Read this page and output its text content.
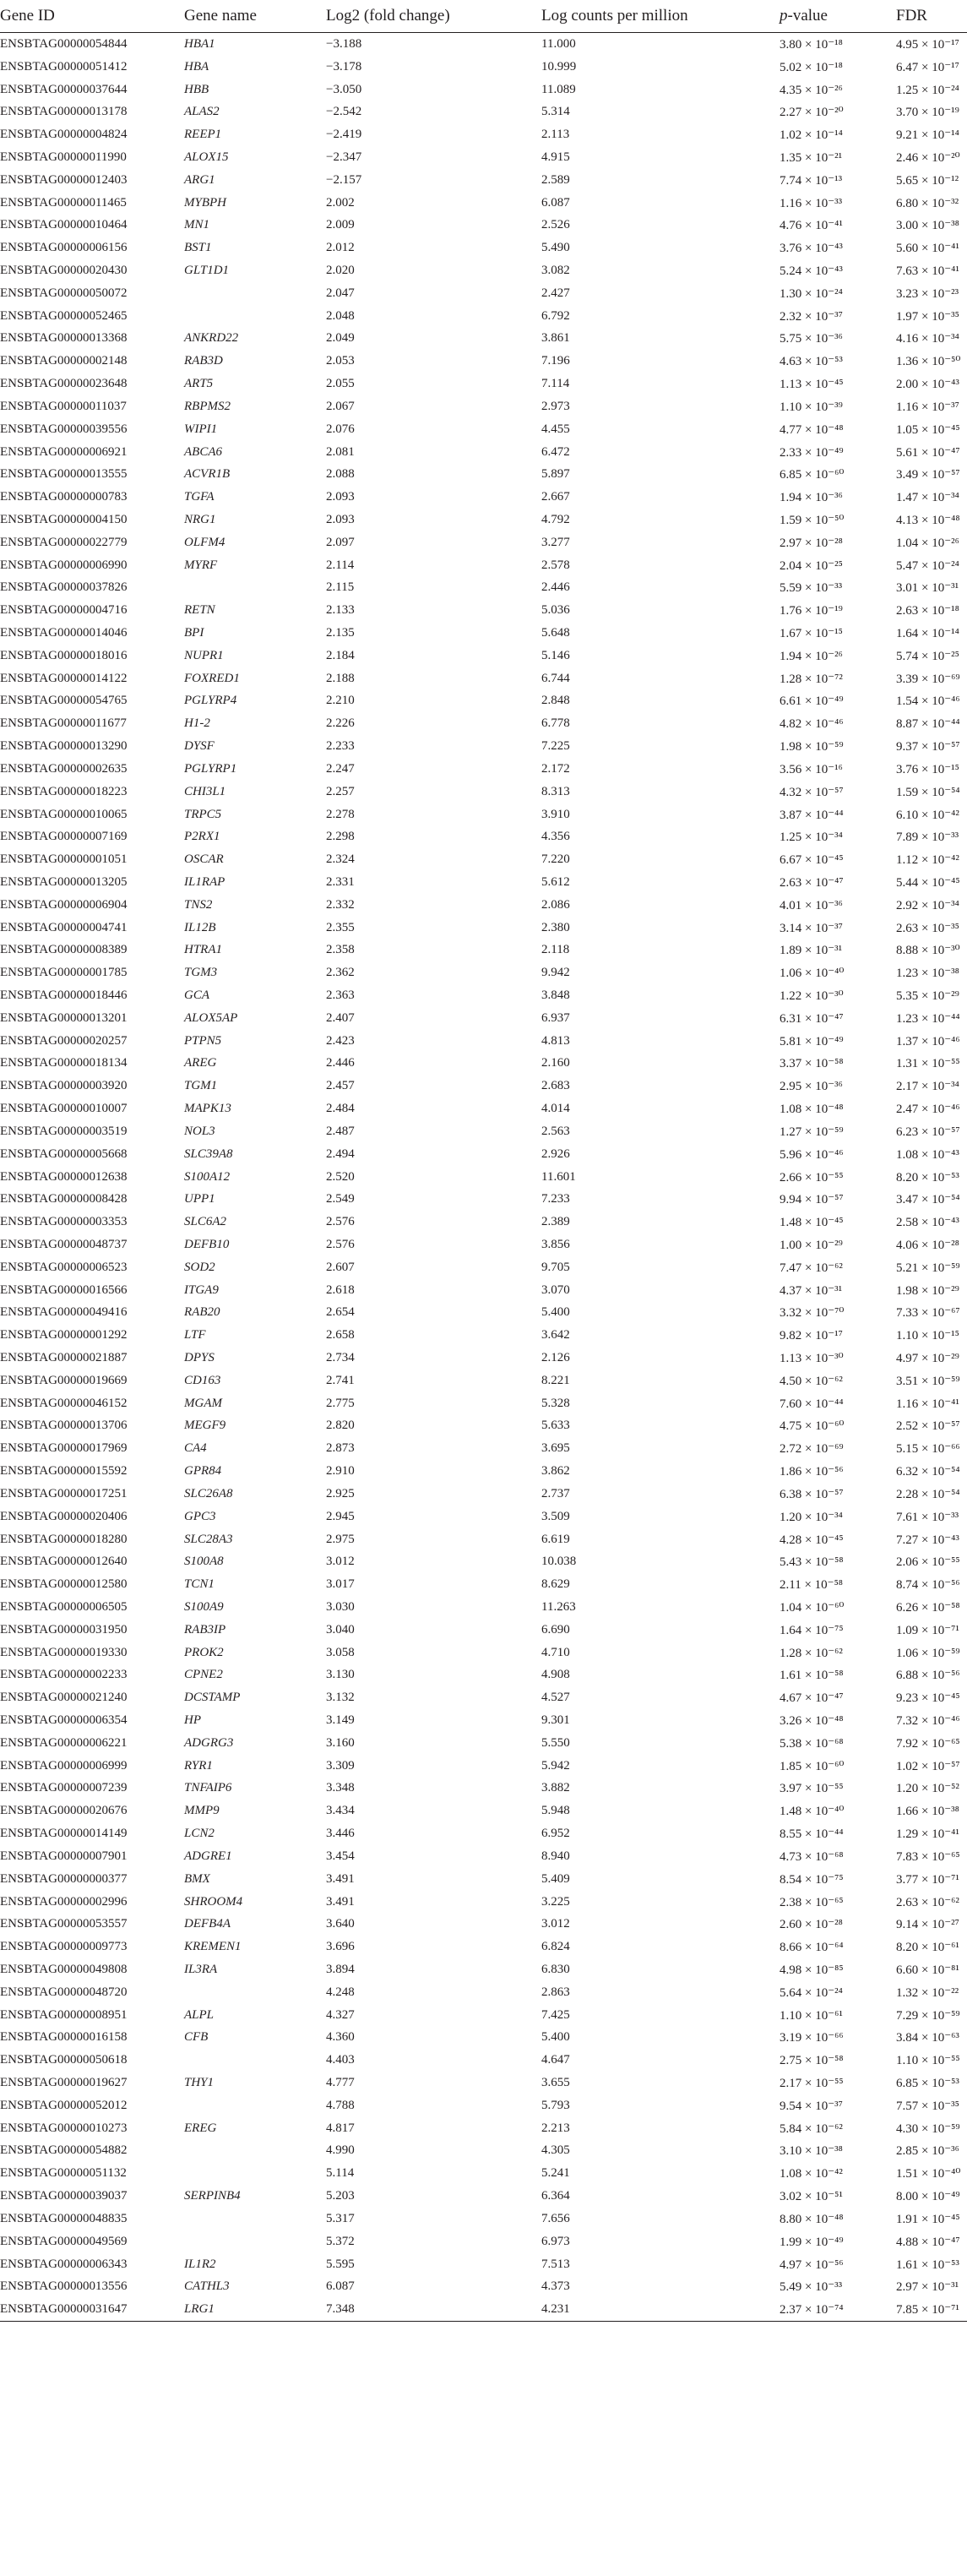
Gene ID	Gene name	Log2 (fold change)	Log counts per million	p-value	FDR
ENSBTAG00000054844	HBA1	−3.188	11.000	3.80 × 10⁻¹⁸	4.95 × 10⁻¹⁷
ENSBTAG00000051412	HBA	−3.178	10.999	5.02 × 10⁻¹⁸	6.47 × 10⁻¹⁷
ENSBTAG00000037644	HBB	−3.050	11.089	4.35 × 10⁻²⁶	1.25 × 10⁻²⁴
ENSBTAG00000013178	ALAS2	−2.542	5.314	2.27 × 10⁻²⁰	3.70 × 10⁻¹⁹
ENSBTAG00000004824	REEP1	−2.419	2.113	1.02 × 10⁻¹⁴	9.21 × 10⁻¹⁴
ENSBTAG00000011990	ALOX15	−2.347	4.915	1.35 × 10⁻²¹	2.46 × 10⁻²⁰
ENSBTAG00000012403	ARG1	−2.157	2.589	7.74 × 10⁻¹³	5.65 × 10⁻¹²
ENSBTAG00000011465	MYBPH	2.002	6.087	1.16 × 10⁻³³	6.80 × 10⁻³²
ENSBTAG00000010464	MN1	2.009	2.526	4.76 × 10⁻⁴¹	3.00 × 10⁻³⁸
ENSBTAG00000006156	BST1	2.012	5.490	3.76 × 10⁻⁴³	5.60 × 10⁻⁴¹
ENSBTAG00000020430	GLT1D1	2.020	3.082	5.24 × 10⁻⁴³	7.63 × 10⁻⁴¹
ENSBTAG00000050072		2.047	2.427	1.30 × 10⁻²⁴	3.23 × 10⁻²³
ENSBTAG00000052465		2.048	6.792	2.32 × 10⁻³⁷	1.97 × 10⁻³⁵
ENSBTAG00000013368	ANKRD22	2.049	3.861	5.75 × 10⁻³⁶	4.16 × 10⁻³⁴
ENSBTAG00000002148	RAB3D	2.053	7.196	4.63 × 10⁻⁵³	1.36 × 10⁻⁵⁰
ENSBTAG00000023648	ART5	2.055	7.114	1.13 × 10⁻⁴⁵	2.00 × 10⁻⁴³
ENSBTAG00000011037	RBPMS2	2.067	2.973	1.10 × 10⁻³⁹	1.16 × 10⁻³⁷
ENSBTAG00000039556	WIPI1	2.076	4.455	4.77 × 10⁻⁴⁸	1.05 × 10⁻⁴⁵
ENSBTAG00000006921	ABCA6	2.081	6.472	2.33 × 10⁻⁴⁹	5.61 × 10⁻⁴⁷
ENSBTAG00000013555	ACVR1B	2.088	5.897	6.85 × 10⁻⁶⁰	3.49 × 10⁻⁵⁷
ENSBTAG00000000783	TGFA	2.093	2.667	1.94 × 10⁻³⁶	1.47 × 10⁻³⁴
ENSBTAG00000004150	NRG1	2.093	4.792	1.59 × 10⁻⁵⁰	4.13 × 10⁻⁴⁸
ENSBTAG00000022779	OLFM4	2.097	3.277	2.97 × 10⁻²⁸	1.04 × 10⁻²⁶
ENSBTAG00000006990	MYRF	2.114	2.578	2.04 × 10⁻²⁵	5.47 × 10⁻²⁴
ENSBTAG00000037826		2.115	2.446	5.59 × 10⁻³³	3.01 × 10⁻³¹
ENSBTAG00000004716	RETN	2.133	5.036	1.76 × 10⁻¹⁹	2.63 × 10⁻¹⁸
ENSBTAG00000014046	BPI	2.135	5.648	1.67 × 10⁻¹⁵	1.64 × 10⁻¹⁴
ENSBTAG00000018016	NUPR1	2.184	5.146	1.94 × 10⁻²⁶	5.74 × 10⁻²⁵
ENSBTAG00000014122	FOXRED1	2.188	6.744	1.28 × 10⁻⁷²	3.39 × 10⁻⁶⁹
ENSBTAG00000054765	PGLYRP4	2.210	2.848	6.61 × 10⁻⁴⁹	1.54 × 10⁻⁴⁶
ENSBTAG00000011677	H1-2	2.226	6.778	4.82 × 10⁻⁴⁶	8.87 × 10⁻⁴⁴
ENSBTAG00000013290	DYSF	2.233	7.225	1.98 × 10⁻⁵⁹	9.37 × 10⁻⁵⁷
ENSBTAG00000002635	PGLYRP1	2.247	2.172	3.56 × 10⁻¹⁶	3.76 × 10⁻¹⁵
ENSBTAG00000018223	CHI3L1	2.257	8.313	4.32 × 10⁻⁵⁷	1.59 × 10⁻⁵⁴
ENSBTAG00000010065	TRPC5	2.278	3.910	3.87 × 10⁻⁴⁴	6.10 × 10⁻⁴²
ENSBTAG00000007169	P2RX1	2.298	4.356	1.25 × 10⁻³⁴	7.89 × 10⁻³³
ENSBTAG00000001051	OSCAR	2.324	7.220	6.67 × 10⁻⁴⁵	1.12 × 10⁻⁴²
ENSBTAG00000013205	IL1RAP	2.331	5.612	2.63 × 10⁻⁴⁷	5.44 × 10⁻⁴⁵
ENSBTAG00000006904	TNS2	2.332	2.086	4.01 × 10⁻³⁶	2.92 × 10⁻³⁴
ENSBTAG00000004741	IL12B	2.355	2.380	3.14 × 10⁻³⁷	2.63 × 10⁻³⁵
ENSBTAG00000008389	HTRA1	2.358	2.118	1.89 × 10⁻³¹	8.88 × 10⁻³⁰
ENSBTAG00000001785	TGM3	2.362	9.942	1.06 × 10⁻⁴⁰	1.23 × 10⁻³⁸
ENSBTAG00000018446	GCA	2.363	3.848	1.22 × 10⁻³⁰	5.35 × 10⁻²⁹
ENSBTAG00000013201	ALOX5AP	2.407	6.937	6.31 × 10⁻⁴⁷	1.23 × 10⁻⁴⁴
ENSBTAG00000020257	PTPN5	2.423	4.813	5.81 × 10⁻⁴⁹	1.37 × 10⁻⁴⁶
ENSBTAG00000018134	AREG	2.446	2.160	3.37 × 10⁻⁵⁸	1.31 × 10⁻⁵⁵
ENSBTAG00000003920	TGM1	2.457	2.683	2.95 × 10⁻³⁶	2.17 × 10⁻³⁴
ENSBTAG00000010007	MAPK13	2.484	4.014	1.08 × 10⁻⁴⁸	2.47 × 10⁻⁴⁶
ENSBTAG00000003519	NOL3	2.487	2.563	1.27 × 10⁻⁵⁹	6.23 × 10⁻⁵⁷
ENSBTAG00000005668	SLC39A8	2.494	2.926	5.96 × 10⁻⁴⁶	1.08 × 10⁻⁴³
ENSBTAG00000012638	S100A12	2.520	11.601	2.66 × 10⁻⁵⁵	8.20 × 10⁻⁵³
ENSBTAG00000008428	UPP1	2.549	7.233	9.94 × 10⁻⁵⁷	3.47 × 10⁻⁵⁴
ENSBTAG00000003353	SLC6A2	2.576	2.389	1.48 × 10⁻⁴⁵	2.58 × 10⁻⁴³
ENSBTAG00000048737	DEFB10	2.576	3.856	1.00 × 10⁻²⁹	4.06 × 10⁻²⁸
ENSBTAG00000006523	SOD2	2.607	9.705	7.47 × 10⁻⁶²	5.21 × 10⁻⁵⁹
ENSBTAG00000016566	ITGA9	2.618	3.070	4.37 × 10⁻³¹	1.98 × 10⁻²⁹
ENSBTAG00000049416	RAB20	2.654	5.400	3.32 × 10⁻⁷⁰	7.33 × 10⁻⁶⁷
ENSBTAG00000001292	LTF	2.658	3.642	9.82 × 10⁻¹⁷	1.10 × 10⁻¹⁵
ENSBTAG00000021887	DPYS	2.734	2.126	1.13 × 10⁻³⁰	4.97 × 10⁻²⁹
ENSBTAG00000019669	CD163	2.741	8.221	4.50 × 10⁻⁶²	3.51 × 10⁻⁵⁹
ENSBTAG00000046152	MGAM	2.775	5.328	7.60 × 10⁻⁴⁴	1.16 × 10⁻⁴¹
ENSBTAG00000013706	MEGF9	2.820	5.633	4.75 × 10⁻⁶⁰	2.52 × 10⁻⁵⁷
ENSBTAG00000017969	CA4	2.873	3.695	2.72 × 10⁻⁶⁹	5.15 × 10⁻⁶⁶
ENSBTAG00000015592	GPR84	2.910	3.862	1.86 × 10⁻⁵⁶	6.32 × 10⁻⁵⁴
ENSBTAG00000017251	SLC26A8	2.925	2.737	6.38 × 10⁻⁵⁷	2.28 × 10⁻⁵⁴
ENSBTAG00000020406	GPC3	2.945	3.509	1.20 × 10⁻³⁴	7.61 × 10⁻³³
ENSBTAG00000018280	SLC28A3	2.975	6.619	4.28 × 10⁻⁴⁵	7.27 × 10⁻⁴³
ENSBTAG00000012640	S100A8	3.012	10.038	5.43 × 10⁻⁵⁸	2.06 × 10⁻⁵⁵
ENSBTAG00000012580	TCN1	3.017	8.629	2.11 × 10⁻⁵⁸	8.74 × 10⁻⁵⁶
ENSBTAG00000006505	S100A9	3.030	11.263	1.04 × 10⁻⁶⁰	6.26 × 10⁻⁵⁸
ENSBTAG00000031950	RAB3IP	3.040	6.690	1.64 × 10⁻⁷⁵	1.09 × 10⁻⁷¹
ENSBTAG00000019330	PROK2	3.058	4.710	1.28 × 10⁻⁶²	1.06 × 10⁻⁵⁹
ENSBTAG00000002233	CPNE2	3.130	4.908	1.61 × 10⁻⁵⁸	6.88 × 10⁻⁵⁶
ENSBTAG00000021240	DCSTAMP	3.132	4.527	4.67 × 10⁻⁴⁷	9.23 × 10⁻⁴⁵
ENSBTAG00000006354	HP	3.149	9.301	3.26 × 10⁻⁴⁸	7.32 × 10⁻⁴⁶
ENSBTAG00000006221	ADGRG3	3.160	5.550	5.38 × 10⁻⁶⁸	7.92 × 10⁻⁶⁵
ENSBTAG00000006999	RYR1	3.309	5.942	1.85 × 10⁻⁶⁰	1.02 × 10⁻⁵⁷
ENSBTAG00000007239	TNFAIP6	3.348	3.882	3.97 × 10⁻⁵⁵	1.20 × 10⁻⁵²
ENSBTAG00000020676	MMP9	3.434	5.948	1.48 × 10⁻⁴⁰	1.66 × 10⁻³⁸
ENSBTAG00000014149	LCN2	3.446	6.952	8.55 × 10⁻⁴⁴	1.29 × 10⁻⁴¹
ENSBTAG00000007901	ADGRE1	3.454	8.940	4.73 × 10⁻⁶⁸	7.83 × 10⁻⁶⁵
ENSBTAG00000000377	BMX	3.491	5.409	8.54 × 10⁻⁷⁵	3.77 × 10⁻⁷¹
ENSBTAG00000002996	SHROOM4	3.491	3.225	2.38 × 10⁻⁶⁵	2.63 × 10⁻⁶²
ENSBTAG00000053557	DEFB4A	3.640	3.012	2.60 × 10⁻²⁸	9.14 × 10⁻²⁷
ENSBTAG00000009773	KREMEN1	3.696	6.824	8.66 × 10⁻⁶⁴	8.20 × 10⁻⁶¹
ENSBTAG00000049808	IL3RA	3.894	6.830	4.98 × 10⁻⁸⁵	6.60 × 10⁻⁸¹
ENSBTAG00000048720		4.248	2.863	5.64 × 10⁻²⁴	1.32 × 10⁻²²
ENSBTAG00000008951	ALPL	4.327	7.425	1.10 × 10⁻⁶¹	7.29 × 10⁻⁵⁹
ENSBTAG00000016158	CFB	4.360	5.400	3.19 × 10⁻⁶⁶	3.84 × 10⁻⁶³
ENSBTAG00000050618		4.403	4.647	2.75 × 10⁻⁵⁸	1.10 × 10⁻⁵⁵
ENSBTAG00000019627	THY1	4.777	3.655	2.17 × 10⁻⁵⁵	6.85 × 10⁻⁵³
ENSBTAG00000052012		4.788	5.793	9.54 × 10⁻³⁷	7.57 × 10⁻³⁵
ENSBTAG00000010273	EREG	4.817	2.213	5.84 × 10⁻⁶²	4.30 × 10⁻⁵⁹
ENSBTAG00000054882		4.990	4.305	3.10 × 10⁻³⁸	2.85 × 10⁻³⁶
ENSBTAG00000051132		5.114	5.241	1.08 × 10⁻⁴²	1.51 × 10⁻⁴⁰
ENSBTAG00000039037	SERPINB4	5.203	6.364	3.02 × 10⁻⁵¹	8.00 × 10⁻⁴⁹
ENSBTAG00000048835		5.317	7.656	8.80 × 10⁻⁴⁸	1.91 × 10⁻⁴⁵
ENSBTAG00000049569		5.372	6.973	1.99 × 10⁻⁴⁹	4.88 × 10⁻⁴⁷
ENSBTAG00000006343	IL1R2	5.595	7.513	4.97 × 10⁻⁵⁶	1.61 × 10⁻⁵³
ENSBTAG00000013556	CATHL3	6.087	4.373	5.49 × 10⁻³³	2.97 × 10⁻³¹
ENSBTAG00000031647	LRG1	7.348	4.231	2.37 × 10⁻⁷⁴	7.85 × 10⁻⁷¹
